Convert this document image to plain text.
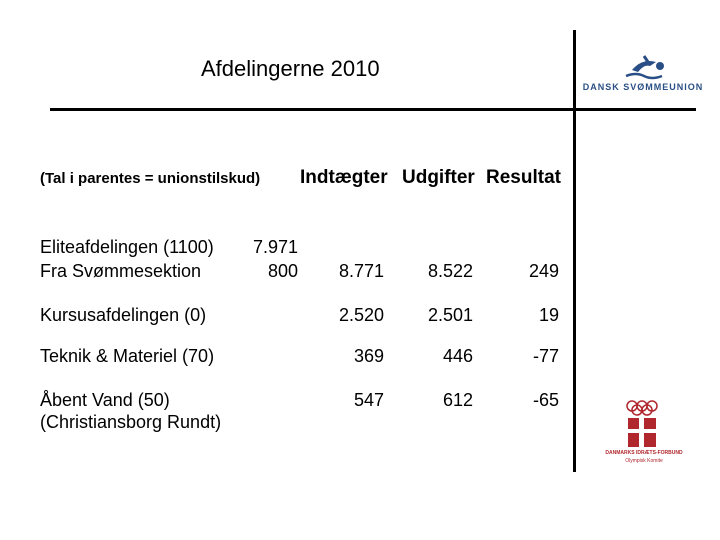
Afdelingerne 2010
DANSK SVØMMEUNION
(Tal i parentes = unionstilskud) Indtægter Udgifter Resultat
Eliteafdelingen (1100)	7.971
Fra Svømmesektion	800	8.771	8.522	249
Kursusafdelingen (0)	2.520	2.501	19
Teknik & Materiel (70)	369	446	-77
Åbent Vand (50)	547	612	-65
(Christiansborg Rundt)
DANMARKS IDRÆTS-FORBUND
Olympisk Komite
